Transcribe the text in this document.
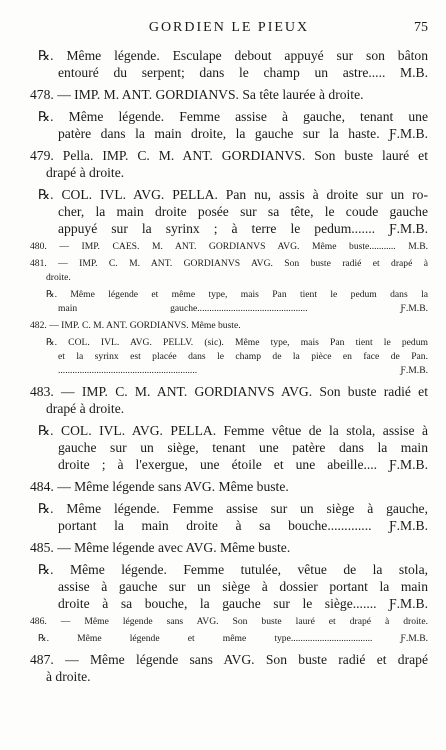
GORDIEN LE PIEUX	75
℞. Même légende. Esculape debout appuyé sur son bâton
entouré du serpent; dans le champ un astre..... M.B.
478. — IMP. M. ANT. GORDIANVS. Sa tête laurée à droite.
℞. Même légende. Femme assise à gauche, tenant une
patère dans la main droite, la gauche sur la haste. Ƒ.M.B.
479. Pella. IMP. C. M. ANT. GORDIANVS. Son buste lauré et
drapé à droite.
℞. COL. IVL. AVG. PELLA. Pan nu, assis à droite sur un ro-
cher, la main droite posée sur sa tête, le coude gauche
appuyé sur la syrinx ; à terre le pedum....... Ƒ.M.B.
480. — IMP. CAES. M. ANT. GORDIANVS AVG. Même buste........... M.B.
481. — IMP. C. M. ANT. GORDIANVS AVG. Son buste radié et drapé à
droite.
℞. Même légende et même type, mais Pan tient le pedum dans la
main gauche.............................................. Ƒ.M.B.
482. — IMP. C. M. ANT. GORDIANVS. Même buste.
℞. COL. IVL. AVG. PELLV. (sic). Même type, mais Pan tient le pedum
et la syrinx est placée dans le champ de la pièce en face de Pan.
.......................................................... Ƒ.M.B.
483. — IMP. C. M. ANT. GORDIANVS AVG. Son buste radié et
drapé à droite.
℞. COL. IVL. AVG. PELLA. Femme vêtue de la stola, assise à
gauche sur un siège, tenant une patère dans la main
droite ; à l'exergue, une étoile et une abeille.... Ƒ.M.B.
484. — Même légende sans AVG. Même buste.
℞. Même légende. Femme assise sur un siège à gauche,
portant la main droite à sa bouche............. Ƒ.M.B.
485. — Même légende avec AVG. Même buste.
℞. Même légende. Femme tutulée, vêtue de la stola,
assise à gauche sur un siège à dossier portant la main
droite à sa bouche, la gauche sur le siège....... Ƒ.M.B.
486. — Même légende sans AVG. Son buste lauré et drapé à droite.
℞. Même légende et même type.................................. Ƒ.M.B.
487. — Même légende sans AVG. Son buste radié et drapé
à droite.
